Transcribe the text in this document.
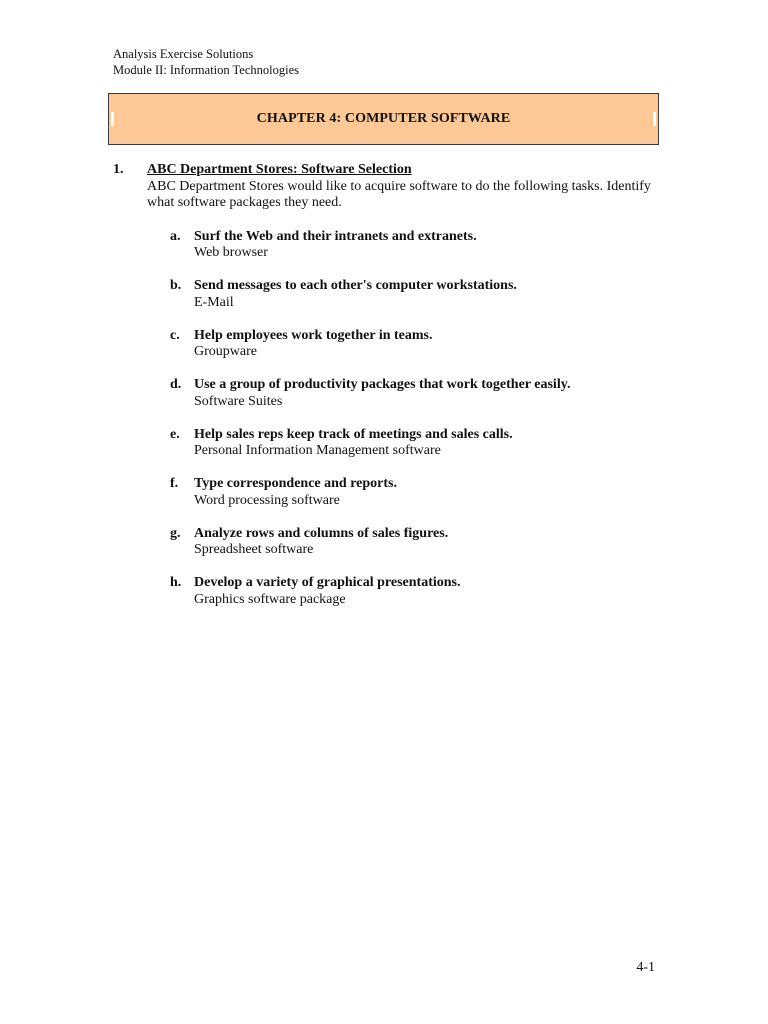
Analysis Exercise Solutions
Module II: Information Technologies
CHAPTER 4: COMPUTER SOFTWARE
1. ABC Department Stores: Software Selection
ABC Department Stores would like to acquire software to do the following tasks. Identify what software packages they need.
a. Surf the Web and their intranets and extranets.
Web browser
b. Send messages to each other's computer workstations.
E-Mail
c. Help employees work together in teams.
Groupware
d. Use a group of productivity packages that work together easily.
Software Suites
e. Help sales reps keep track of meetings and sales calls.
Personal Information Management software
f. Type correspondence and reports.
Word processing software
g. Analyze rows and columns of sales figures.
Spreadsheet software
h. Develop a variety of graphical presentations.
Graphics software package
4-1
